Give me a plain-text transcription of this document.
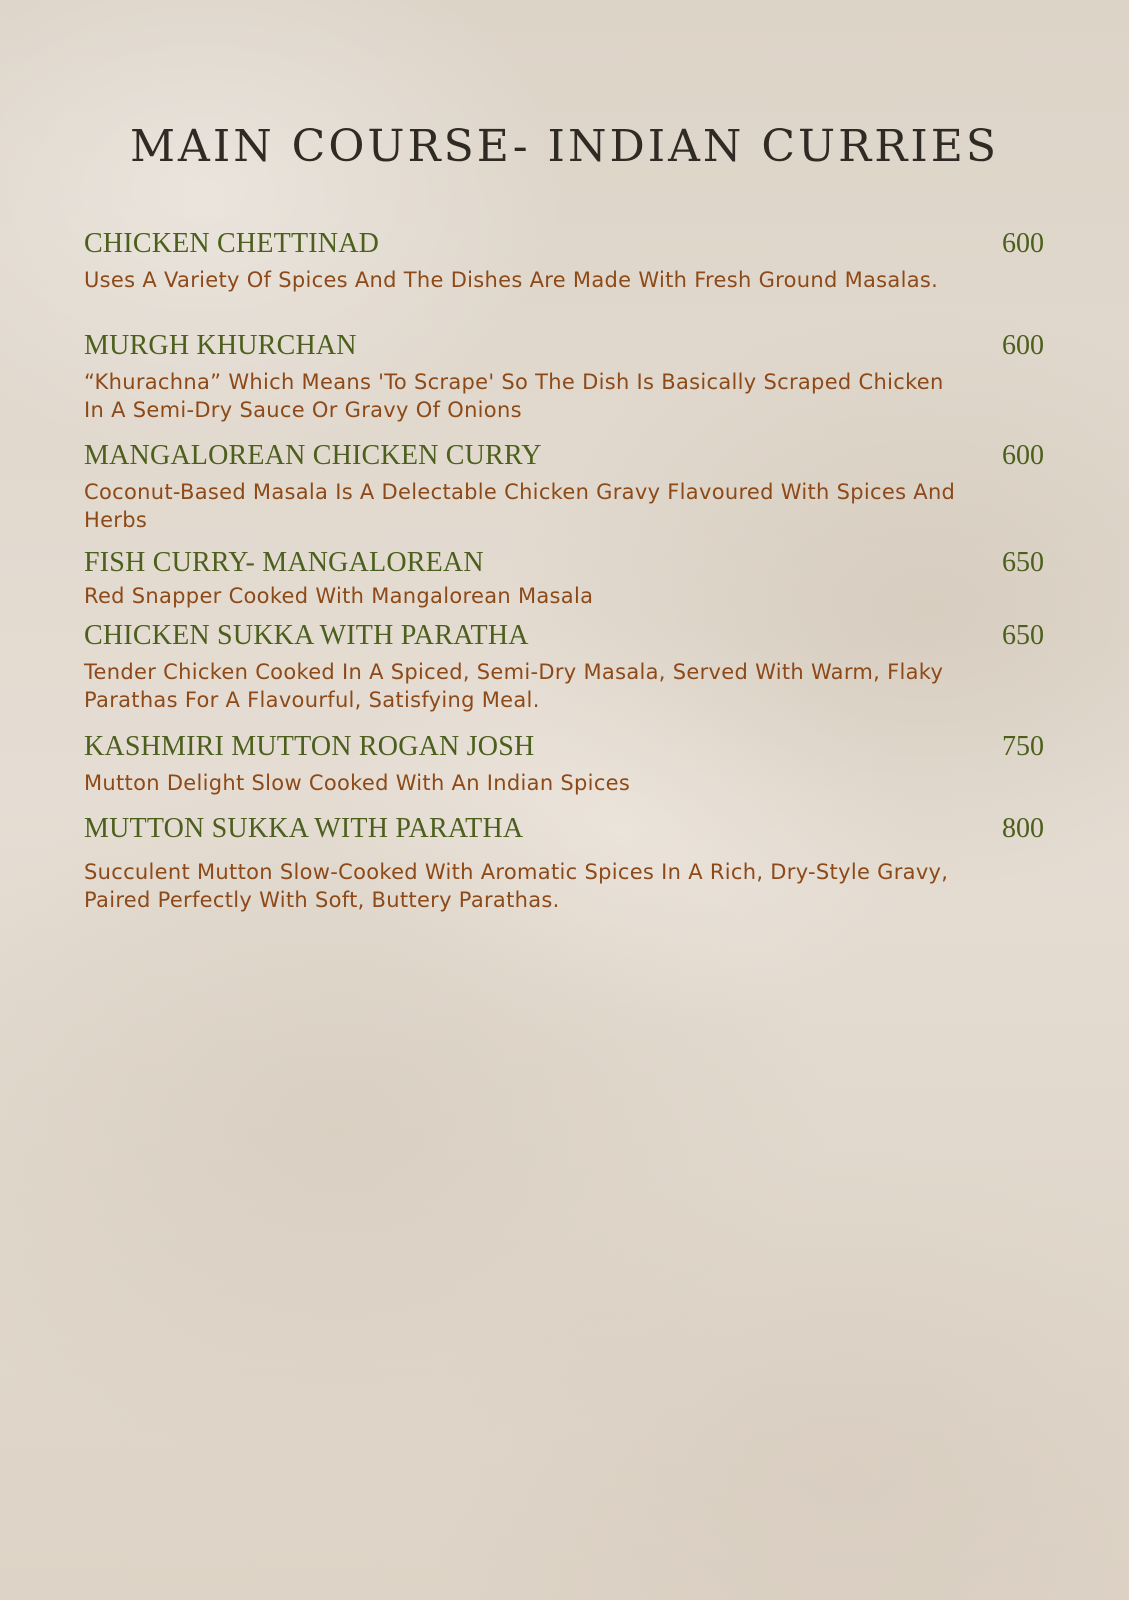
MAIN COURSE- INDIAN CURRIES
CHICKEN CHETTINAD	600
Uses A Variety Of Spices And The Dishes Are Made With Fresh Ground Masalas.
MURGH KHURCHAN	600
“Khurachna” Which Means 'To Scrape' So The Dish Is Basically Scraped Chicken In A Semi-Dry Sauce Or Gravy Of Onions
MANGALOREAN CHICKEN CURRY	600
Coconut-Based Masala Is A Delectable Chicken Gravy Flavoured With Spices And Herbs
FISH CURRY- MANGALOREAN	650
Red Snapper Cooked With Mangalorean Masala
CHICKEN SUKKA WITH PARATHA	650
Tender Chicken Cooked In A Spiced, Semi-Dry Masala, Served With Warm, Flaky Parathas For A Flavourful, Satisfying Meal.
KASHMIRI MUTTON ROGAN JOSH	750
Mutton Delight Slow Cooked With An Indian Spices
MUTTON SUKKA WITH PARATHA	800
Succulent Mutton Slow-Cooked With Aromatic Spices In A Rich, Dry-Style Gravy, Paired Perfectly With Soft, Buttery Parathas.
